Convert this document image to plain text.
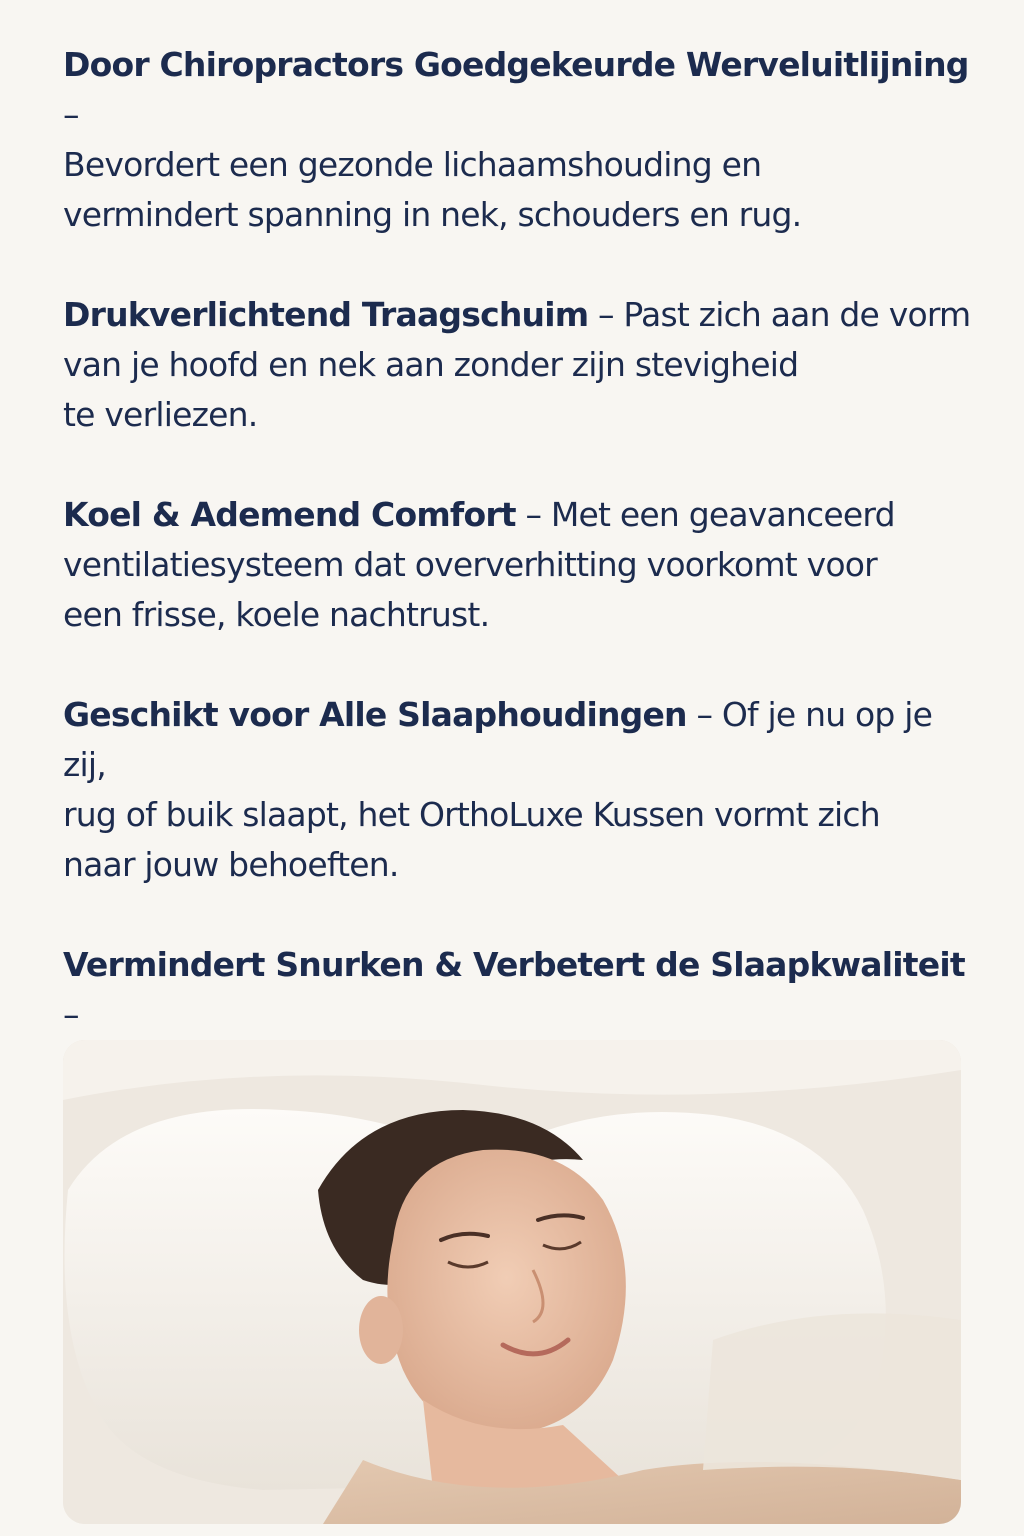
Door Chiropractors Goedgekeurde Werveluitlijning –
Bevordert een gezonde lichaamshouding en
vermindert spanning in nek, schouders en rug.

Drukverlichtend Traagschuim – Past zich aan de vorm
van je hoofd en nek aan zonder zijn stevigheid
te verliezen.

Koel & Ademend Comfort – Met een geavanceerd
ventilatiesysteem dat oververhitting voorkomt voor
een frisse, koele nachtrust.

Geschikt voor Alle Slaaphoudingen – Of je nu op je zij,
rug of buik slaapt, het OrthoLuxe Kussen vormt zich
naar jouw behoeften.

Vermindert Snurken & Verbetert de Slaapkwaliteit –
